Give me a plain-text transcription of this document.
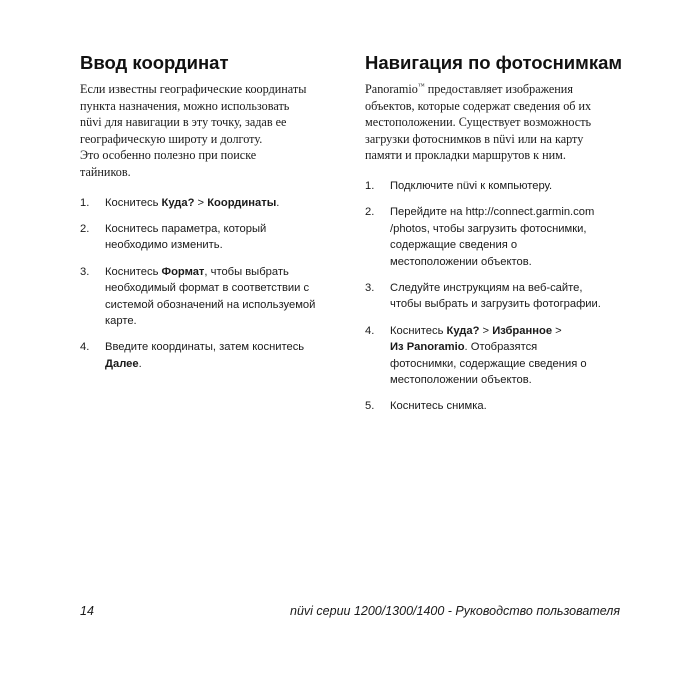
Ввод координат

Если известны географические координаты
пункта назначения, можно использовать
nüvi для навигации в эту точку, задав ее
географическую широту и долготу.
Это особенно полезно при поиске
тайников.

1. Коснитесь Куда? > Координаты.
2. Коснитесь параметра, который
необходимо изменить.
3. Коснитесь Формат, чтобы выбрать
необходимый формат в соответствии с
системой обозначений на используемой
карте.
4. Введите координаты, затем коснитесь
Далее.
Навигация по фотоснимкам

Panoramio™ предоставляет изображения
объектов, которые содержат сведения об их
местоположении. Существует возможность
загрузки фотоснимков в nüvi или на карту
памяти и прокладки маршрутов к ним.

1. Подключите nüvi к компьютеру.
2. Перейдите на http://connect.garmin.com
/photos, чтобы загрузить фотоснимки,
содержащие сведения о
местоположении объектов.
3. Следуйте инструкциям на веб-сайте,
чтобы выбрать и загрузить фотографии.
4. Коснитесь Куда? > Избранное >
Из Panoramio. Отобразятся
фотоснимки, содержащие сведения о
местоположении объектов.
5. Коснитесь снимка.
14	nüvi серии 1200/1300/1400 - Руководство пользователя
